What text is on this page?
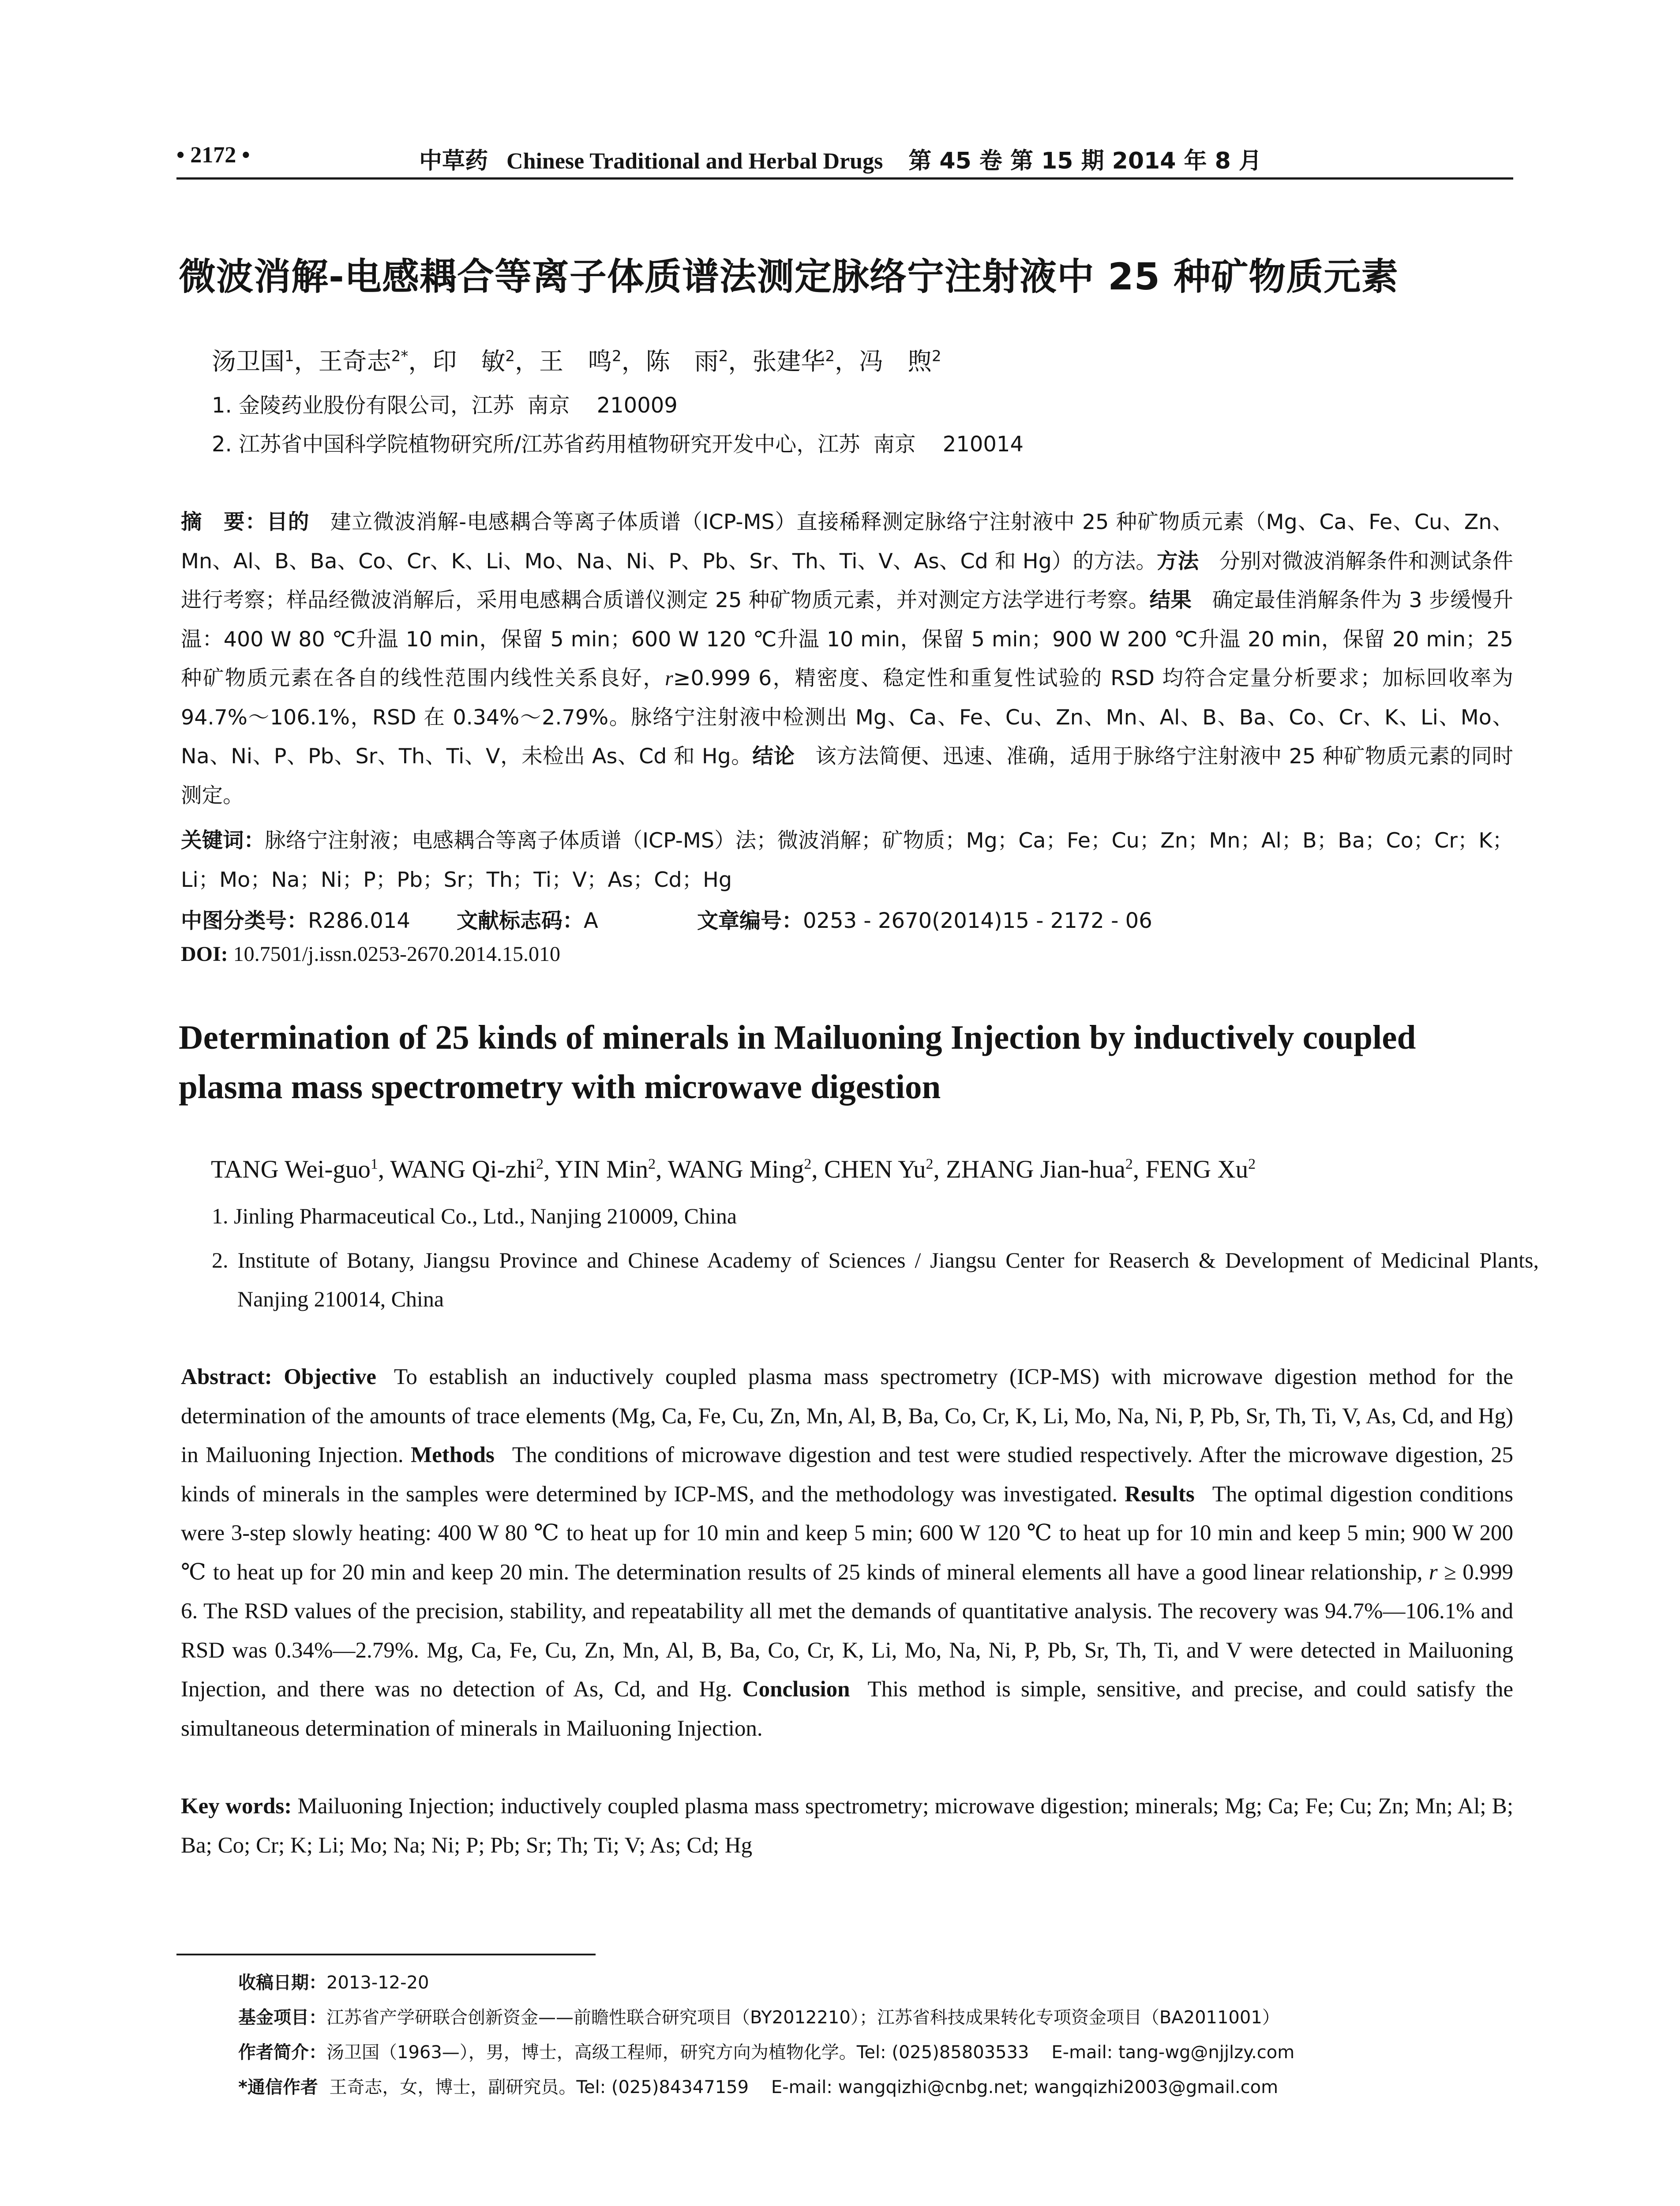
• 2172 •	中草药 Chinese Traditional and Herbal Drugs 第 45 卷 第 15 期 2014 年 8 月
微波消解-电感耦合等离子体质谱法测定脉络宁注射液中 25 种矿物质元素
汤卫国$^1$，王奇志$^{2*}$，印　敏$^2$，王　鸣$^2$，陈　雨$^2$，张建华$^2$，冯　煦$^2$
1. 金陵药业股份有限公司，江苏  南京    210009
2. 江苏省中国科学院植物研究所/江苏省药用植物研究开发中心，江苏  南京    210014
摘　要：目的 建立微波消解-电感耦合等离子体质谱（ICP-MS）直接稀释测定脉络宁注射液中 25 种矿物质元素（Mg、Ca、Fe、Cu、Zn、Mn、Al、B、Ba、Co、Cr、K、Li、Mo、Na、Ni、P、Pb、Sr、Th、Ti、V、As、Cd 和 Hg）的方法。方法 分别对微波消解条件和测试条件进行考察；样品经微波消解后，采用电感耦合质谱仪测定 25 种矿物质元素，并对测定方法学进行考察。结果 确定最佳消解条件为 3 步缓慢升温：400 W 80 ℃升温 10 min，保留 5 min；600 W 120 ℃升温 10 min，保留 5 min；900 W 200 ℃升温 20 min，保留 20 min；25 种矿物质元素在各自的线性范围内线性关系良好，r≥0.999 6，精密度、稳定性和重复性试验的 RSD 均符合定量分析要求；加标回收率为 94.7%～106.1%，RSD 在 0.34%～2.79%。脉络宁注射液中检测出 Mg、Ca、Fe、Cu、Zn、Mn、Al、B、Ba、Co、Cr、K、Li、Mo、Na、Ni、P、Pb、Sr、Th、Ti、V，未检出 As、Cd 和 Hg。结论 该方法简便、迅速、准确，适用于脉络宁注射液中 25 种矿物质元素的同时测定。
关键词：脉络宁注射液；电感耦合等离子体质谱（ICP-MS）法；微波消解；矿物质；Mg；Ca；Fe；Cu；Zn；Mn；Al；B；Ba；Co；Cr；K；Li；Mo；Na；Ni；P；Pb；Sr；Th；Ti；V；As；Cd；Hg
中图分类号：R286.014 文献标志码：A	文章编号：0253 - 2670(2014)15 - 2172 - 06
DOI: 10.7501/j.issn.0253-2670.2014.15.010
Determination of 25 kinds of minerals in Mailuoning Injection by inductively coupled plasma mass spectrometry with microwave digestion
TANG Wei-guo$^1$, WANG Qi-zhi$^2$, YIN Min$^2$, WANG Ming$^2$, CHEN Yu$^2$, ZHANG Jian-hua$^2$, FENG Xu$^2$
1. Jinling Pharmaceutical Co., Ltd., Nanjing 210009, China
2. Institute of Botany, Jiangsu Province and Chinese Academy of Sciences / Jiangsu Center for Reaserch & Development of Medicinal Plants, Nanjing 210014, China
Abstract: Objective To establish an inductively coupled plasma mass spectrometry (ICP-MS) with microwave digestion method for the determination of the amounts of trace elements (Mg, Ca, Fe, Cu, Zn, Mn, Al, B, Ba, Co, Cr, K, Li, Mo, Na, Ni, P, Pb, Sr, Th, Ti, V, As, Cd, and Hg) in Mailuoning Injection. Methods The conditions of microwave digestion and test were studied respectively. After the microwave digestion, 25 kinds of minerals in the samples were determined by ICP-MS, and the methodology was investigated. Results The optimal digestion conditions were 3-step slowly heating: 400 W 80 ℃ to heat up for 10 min and keep 5 min; 600 W 120 ℃ to heat up for 10 min and keep 5 min; 900 W 200 ℃ to heat up for 20 min and keep 20 min. The determination results of 25 kinds of mineral elements all have a good linear relationship, r ≥ 0.999 6. The RSD values of the precision, stability, and repeatability all met the demands of quantitative analysis. The recovery was 94.7%—106.1% and RSD was 0.34%—2.79%. Mg, Ca, Fe, Cu, Zn, Mn, Al, B, Ba, Co, Cr, K, Li, Mo, Na, Ni, P, Pb, Sr, Th, Ti, and V were detected in Mailuoning Injection, and there was no detection of As, Cd, and Hg. Conclusion This method is simple, sensitive, and precise, and could satisfy the simultaneous determination of minerals in Mailuoning Injection.
Key words: Mailuoning Injection; inductively coupled plasma mass spectrometry; microwave digestion; minerals; Mg; Ca; Fe; Cu; Zn; Mn; Al; B; Ba; Co; Cr; K; Li; Mo; Na; Ni; P; Pb; Sr; Th; Ti; V; As; Cd; Hg
收稿日期：2013-12-20
基金项目：江苏省产学研联合创新资金——前瞻性联合研究项目（BY2012210）；江苏省科技成果转化专项资金项目（BA2011001）
作者简介：汤卫国（1963—），男，博士，高级工程师，研究方向为植物化学。Tel: (025)85803533    E-mail: tang-wg@njjlzy.com
*通信作者  王奇志，女，博士，副研究员。Tel: (025)84347159    E-mail: wangqizhi@cnbg.net; wangqizhi2003@gmail.com
